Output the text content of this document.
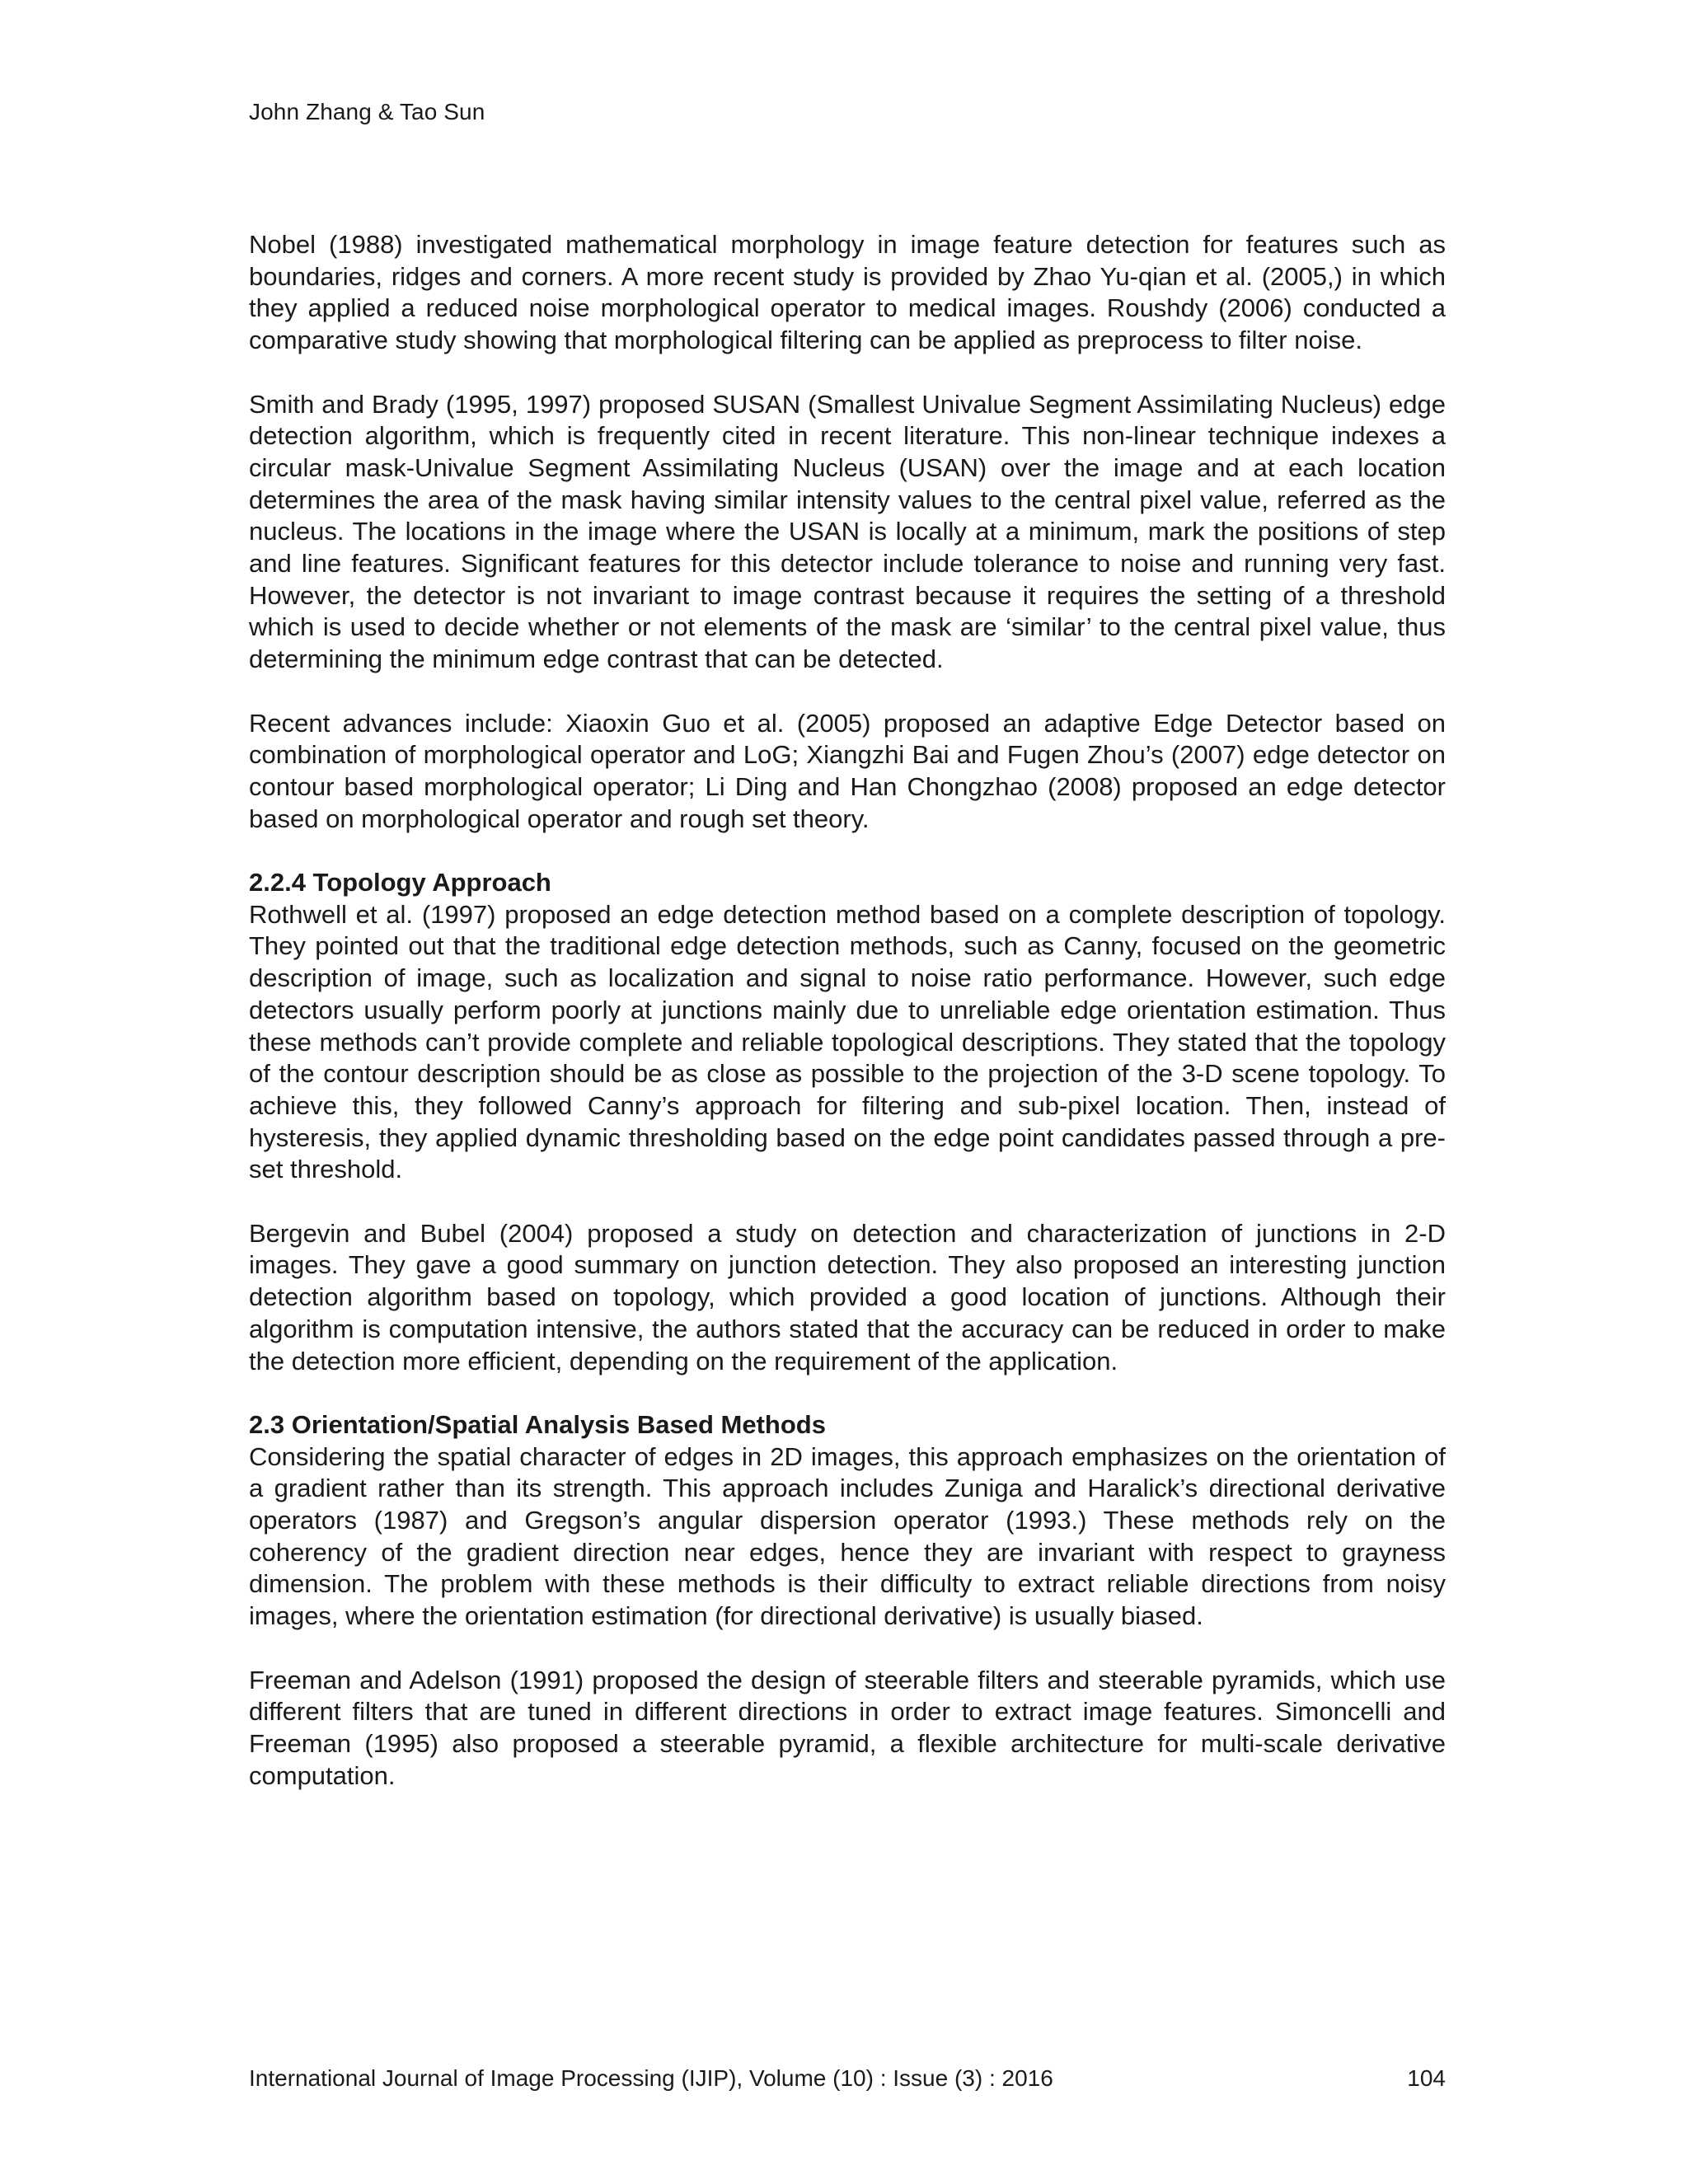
John Zhang & Tao Sun

Nobel (1988) investigated mathematical morphology in image feature detection for features such as boundaries, ridges and corners. A more recent study is provided by Zhao Yu-qian et al. (2005,) in which they applied a reduced noise morphological operator to medical images. Roushdy (2006) conducted a comparative study showing that morphological filtering can be applied as preprocess to filter noise.

Smith and Brady (1995, 1997) proposed SUSAN (Smallest Univalue Segment Assimilating Nucleus) edge detection algorithm, which is frequently cited in recent literature. This non-linear technique indexes a circular mask-Univalue Segment Assimilating Nucleus (USAN) over the image and at each location determines the area of the mask having similar intensity values to the central pixel value, referred as the nucleus. The locations in the image where the USAN is locally at a minimum, mark the positions of step and line features. Significant features for this detector include tolerance to noise and running very fast. However, the detector is not invariant to image contrast because it requires the setting of a threshold which is used to decide whether or not elements of the mask are ‘similar’ to the central pixel value, thus determining the minimum edge contrast that can be detected.

Recent advances include: Xiaoxin Guo et al. (2005) proposed an adaptive Edge Detector based on combination of morphological operator and LoG; Xiangzhi Bai and Fugen Zhou’s (2007) edge detector on contour based morphological operator; Li Ding and Han Chongzhao (2008) proposed an edge detector based on morphological operator and rough set theory.

2.2.4 Topology Approach

Rothwell et al. (1997) proposed an edge detection method based on a complete description of topology. They pointed out that the traditional edge detection methods, such as Canny, focused on the geometric description of image, such as localization and signal to noise ratio performance. However, such edge detectors usually perform poorly at junctions mainly due to unreliable edge orientation estimation. Thus these methods can’t provide complete and reliable topological descriptions. They stated that the topology of the contour description should be as close as possible to the projection of the 3-D scene topology. To achieve this, they followed Canny’s approach for filtering and sub-pixel location. Then, instead of hysteresis, they applied dynamic thresholding based on the edge point candidates passed through a pre-set threshold.

Bergevin and Bubel (2004) proposed a study on detection and characterization of junctions in 2-D images. They gave a good summary on junction detection. They also proposed an interesting junction detection algorithm based on topology, which provided a good location of junctions. Although their algorithm is computation intensive, the authors stated that the accuracy can be reduced in order to make the detection more efficient, depending on the requirement of the application.

2.3 Orientation/Spatial Analysis Based Methods

Considering the spatial character of edges in 2D images, this approach emphasizes on the orientation of a gradient rather than its strength. This approach includes Zuniga and Haralick’s directional derivative operators (1987) and Gregson’s angular dispersion operator (1993.) These methods rely on the coherency of the gradient direction near edges, hence they are invariant with respect to grayness dimension. The problem with these methods is their difficulty to extract reliable directions from noisy images, where the orientation estimation (for directional derivative) is usually biased.

Freeman and Adelson (1991) proposed the design of steerable filters and steerable pyramids, which use different filters that are tuned in different directions in order to extract image features. Simoncelli and Freeman (1995) also proposed a steerable pyramid, a flexible architecture for multi-scale derivative computation.

International Journal of Image Processing (IJIP), Volume (10) : Issue (3) : 2016	104
